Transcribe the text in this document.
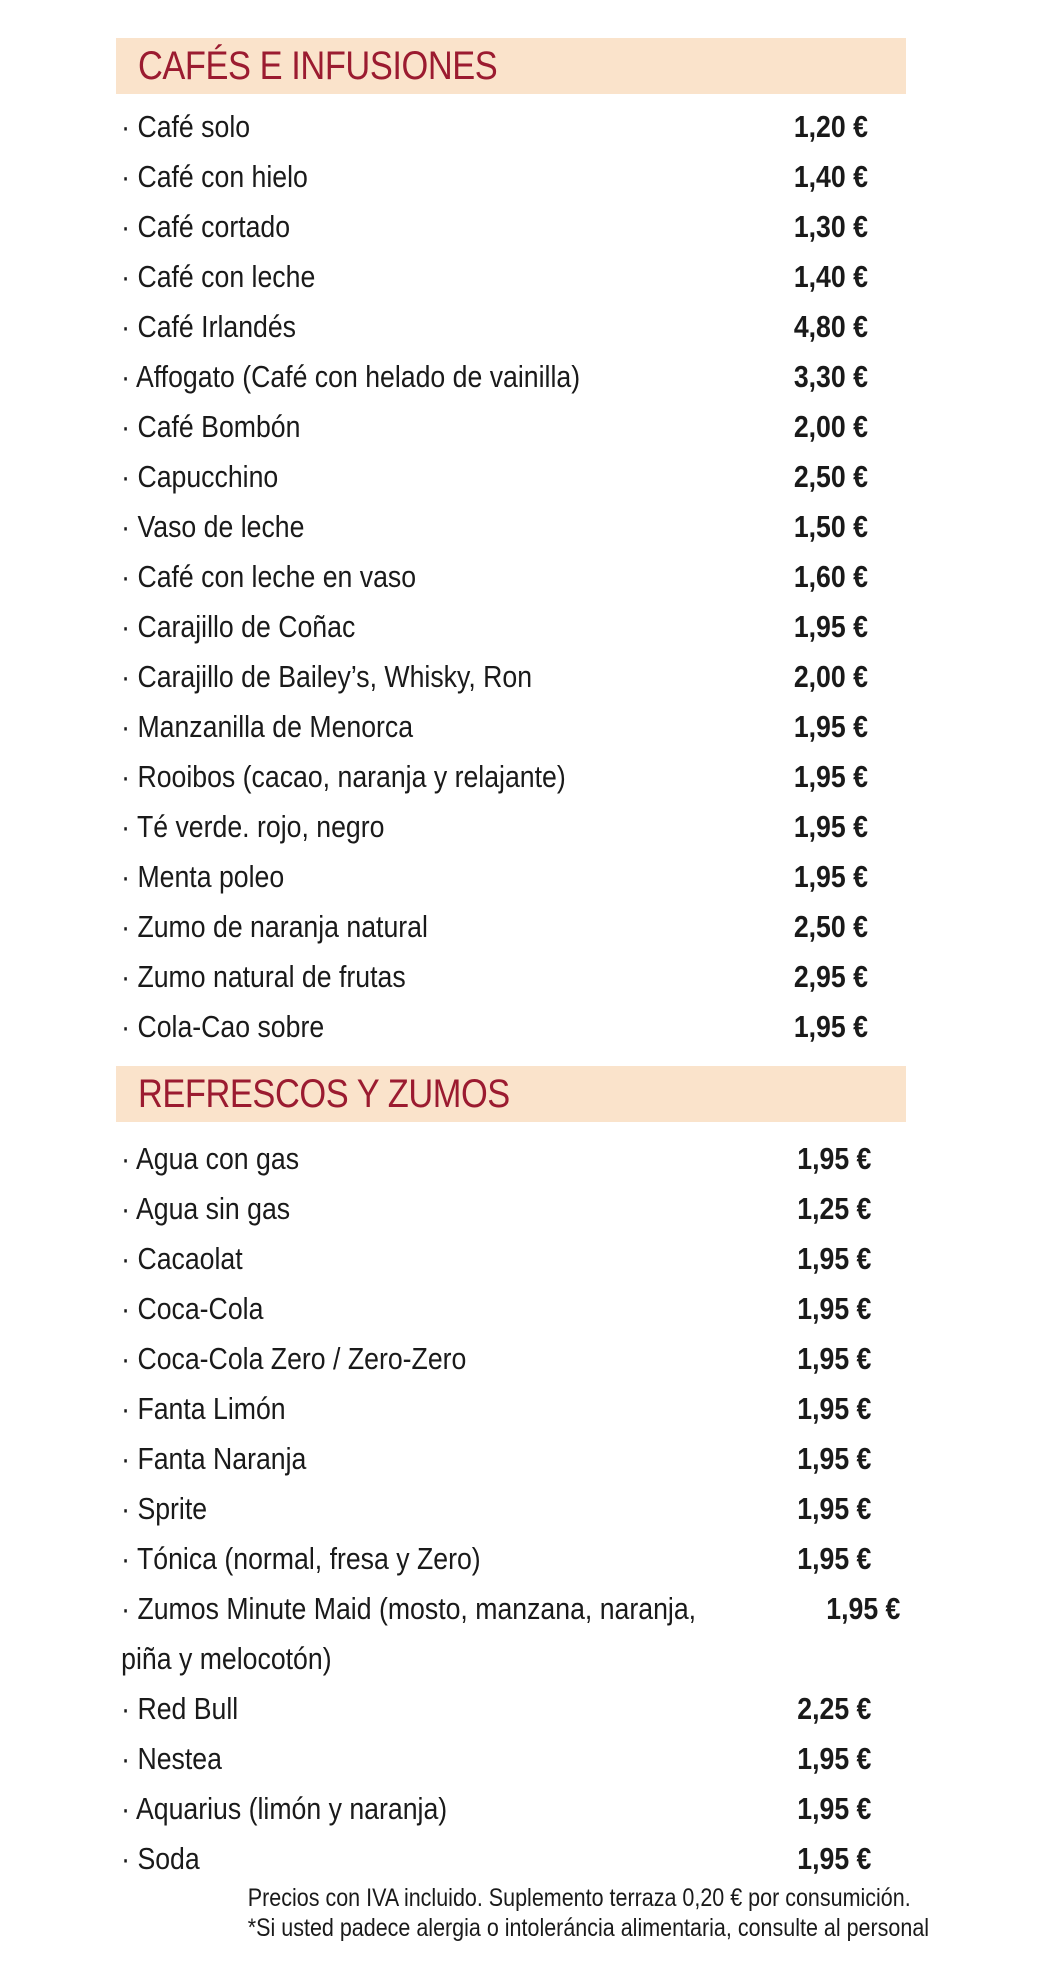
CAFÉS E INFUSIONES
· Café solo	1,20 €
· Café con hielo	1,40 €
· Café cortado	1,30 €
· Café con leche	1,40 €
· Café Irlandés	4,80 €
· Affogato (Café con helado de vainilla)	3,30 €
· Café Bombón	2,00 €
· Capucchino	2,50 €
· Vaso de leche	1,50 €
· Café con leche en vaso	1,60 €
· Carajillo de Coñac	1,95 €
· Carajillo de Bailey’s, Whisky, Ron	2,00 €
· Manzanilla de Menorca	1,95 €
· Rooibos (cacao, naranja y relajante)	1,95 €
· Té verde. rojo, negro	1,95 €
· Menta poleo	1,95 €
· Zumo de naranja natural	2,50 €
· Zumo natural de frutas	2,95 €
· Cola-Cao sobre	1,95 €
REFRESCOS Y ZUMOS
· Agua con gas	1,95 €
· Agua sin gas	1,25 €
· Cacaolat	1,95 €
· Coca-Cola	1,95 €
· Coca-Cola Zero / Zero-Zero	1,95 €
· Fanta Limón	1,95 €
· Fanta Naranja	1,95 €
· Sprite	1,95 €
· Tónica (normal, fresa y Zero)	1,95 €
· Zumos Minute Maid (mosto, manzana, naranja,	1,95 €
piña y melocotón)
· Red Bull	2,25 €
· Nestea	1,95 €
· Aquarius (limón y naranja)	1,95 €
· Soda	1,95 €
Precios con IVA incluido. Suplemento terraza 0,20 € por consumición.
*Si usted padece alergia o intoleráncia alimentaria, consulte al personal
